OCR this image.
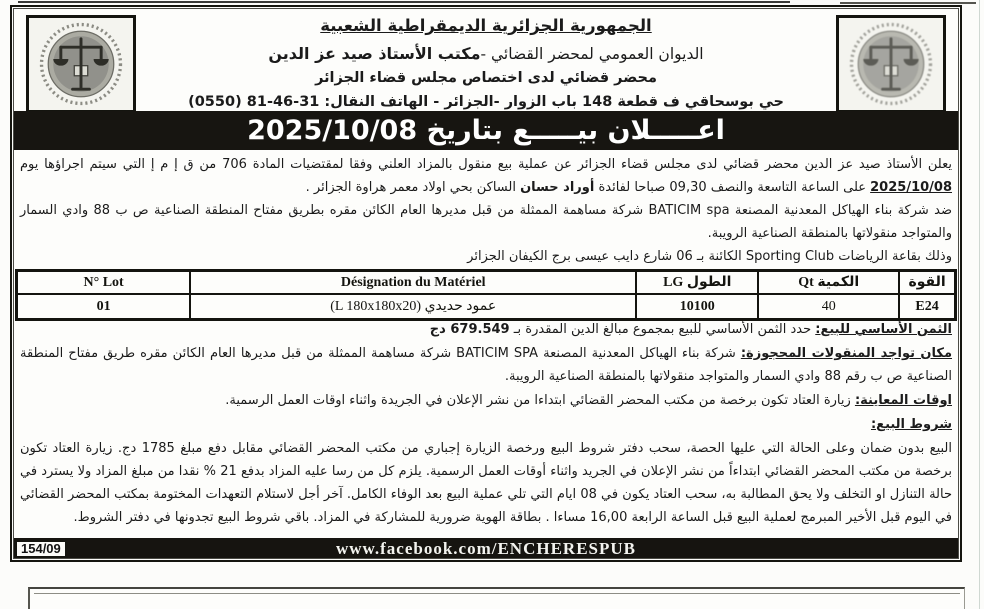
الجمهورية الجزائرية الديمقراطية الشعبية
الديوان العمومي لمحضر القضائي -مكتب الأستاذ صيد عز الدين
محضر قضائي لدى اختصاص مجلس قضاء الجزائر
حي بوسحاقي ف قطعة 148 باب الزوار -الجزائر - الهاتف النقال: 31-46-81 (0550)
اعـــــلان بيـــــع بتاريخ 2025/10/08

يعلن الأستاذ صيد عز الدين محضر قضائي لدى مجلس قضاء الجزائر عن عملية بيع منقول بالمزاد العلني وفقا لمقتضيات المادة 706 من ق إ م إ التي سيتم اجراؤها يوم 2025/10/08 على الساعة التاسعة والنصف 09,30 صباحا لفائدة أوراد حسان الساكن بحي اولاد معمر هراوة الجزائر .

ضد شركة بناء الهياكل المعدنية المصنعة BATICIM spa شركة مساهمة الممثلة من قبل مديرها العام الكائن مقره بطريق مفتاح المنطقة الصناعية ص ب 88 وادي السمار والمتواجد منقولاتها بالمنطقة الصناعية الرويبة.

وذلك بقاعة الرياضات Sporting Club الكائنة بـ 06 شارع دايب عيسى برج الكيفان الجزائر

N° Lot	Désignation du Matériel	الطول LG	الكمية Qt	القوة
01	عمود حديدي (L 180x180x20)	10100	40	E24

الثمن الأساسي للبيع: حدد الثمن الأساسي للبيع بمجموع مبالغ الدين المقدرة بـ 679.549 دج

مكان تواجد المنقولات المحجوزة: شركة بناء الهياكل المعدنية المصنعة BATICIM SPA شركة مساهمة الممثلة من قبل مديرها العام الكائن مقره طريق مفتاح المنطقة الصناعية ص ب رقم 88 وادي السمار والمتواجد منقولاتها بالمنطقة الصناعية الرويبة.

اوقات المعاينة: زيارة العتاد تكون برخصة من مكتب المحضر القضائي ابتداءا من نشر الإعلان في الجريدة واثناء اوقات العمل الرسمية.

شروط البيع:

البيع بدون ضمان وعلى الحالة التي عليها الحصة، سحب دفتر شروط البيع ورخصة الزيارة إجباري من مكتب المحضر القضائي مقابل دفع مبلغ 1785 دج. زيارة العتاد تكون برخصة من مكتب المحضر القضائي ابتداءاً من نشر الإعلان في الجريد واثناء أوقات العمل الرسمية. يلزم كل من رسا عليه المزاد بدفع 21 % نقدا من مبلغ المزاد ولا يسترد في حالة التنازل او التخلف ولا يحق المطالبة به، سحب العتاد يكون في 08 ايام التي تلي عملية البيع بعد الوفاء الكامل. آخر أجل لاستلام التعهدات المختومة بمكتب المحضر القضائي في اليوم قبل الأخير المبرمج لعملية البيع قبل الساعة الرابعة 16,00 مساءا . بطاقة الهوية ضرورية للمشاركة في المزاد. باقي شروط البيع تجدونها في دفتر الشروط.

www.facebook.com/ENCHERESPUB
154/09
